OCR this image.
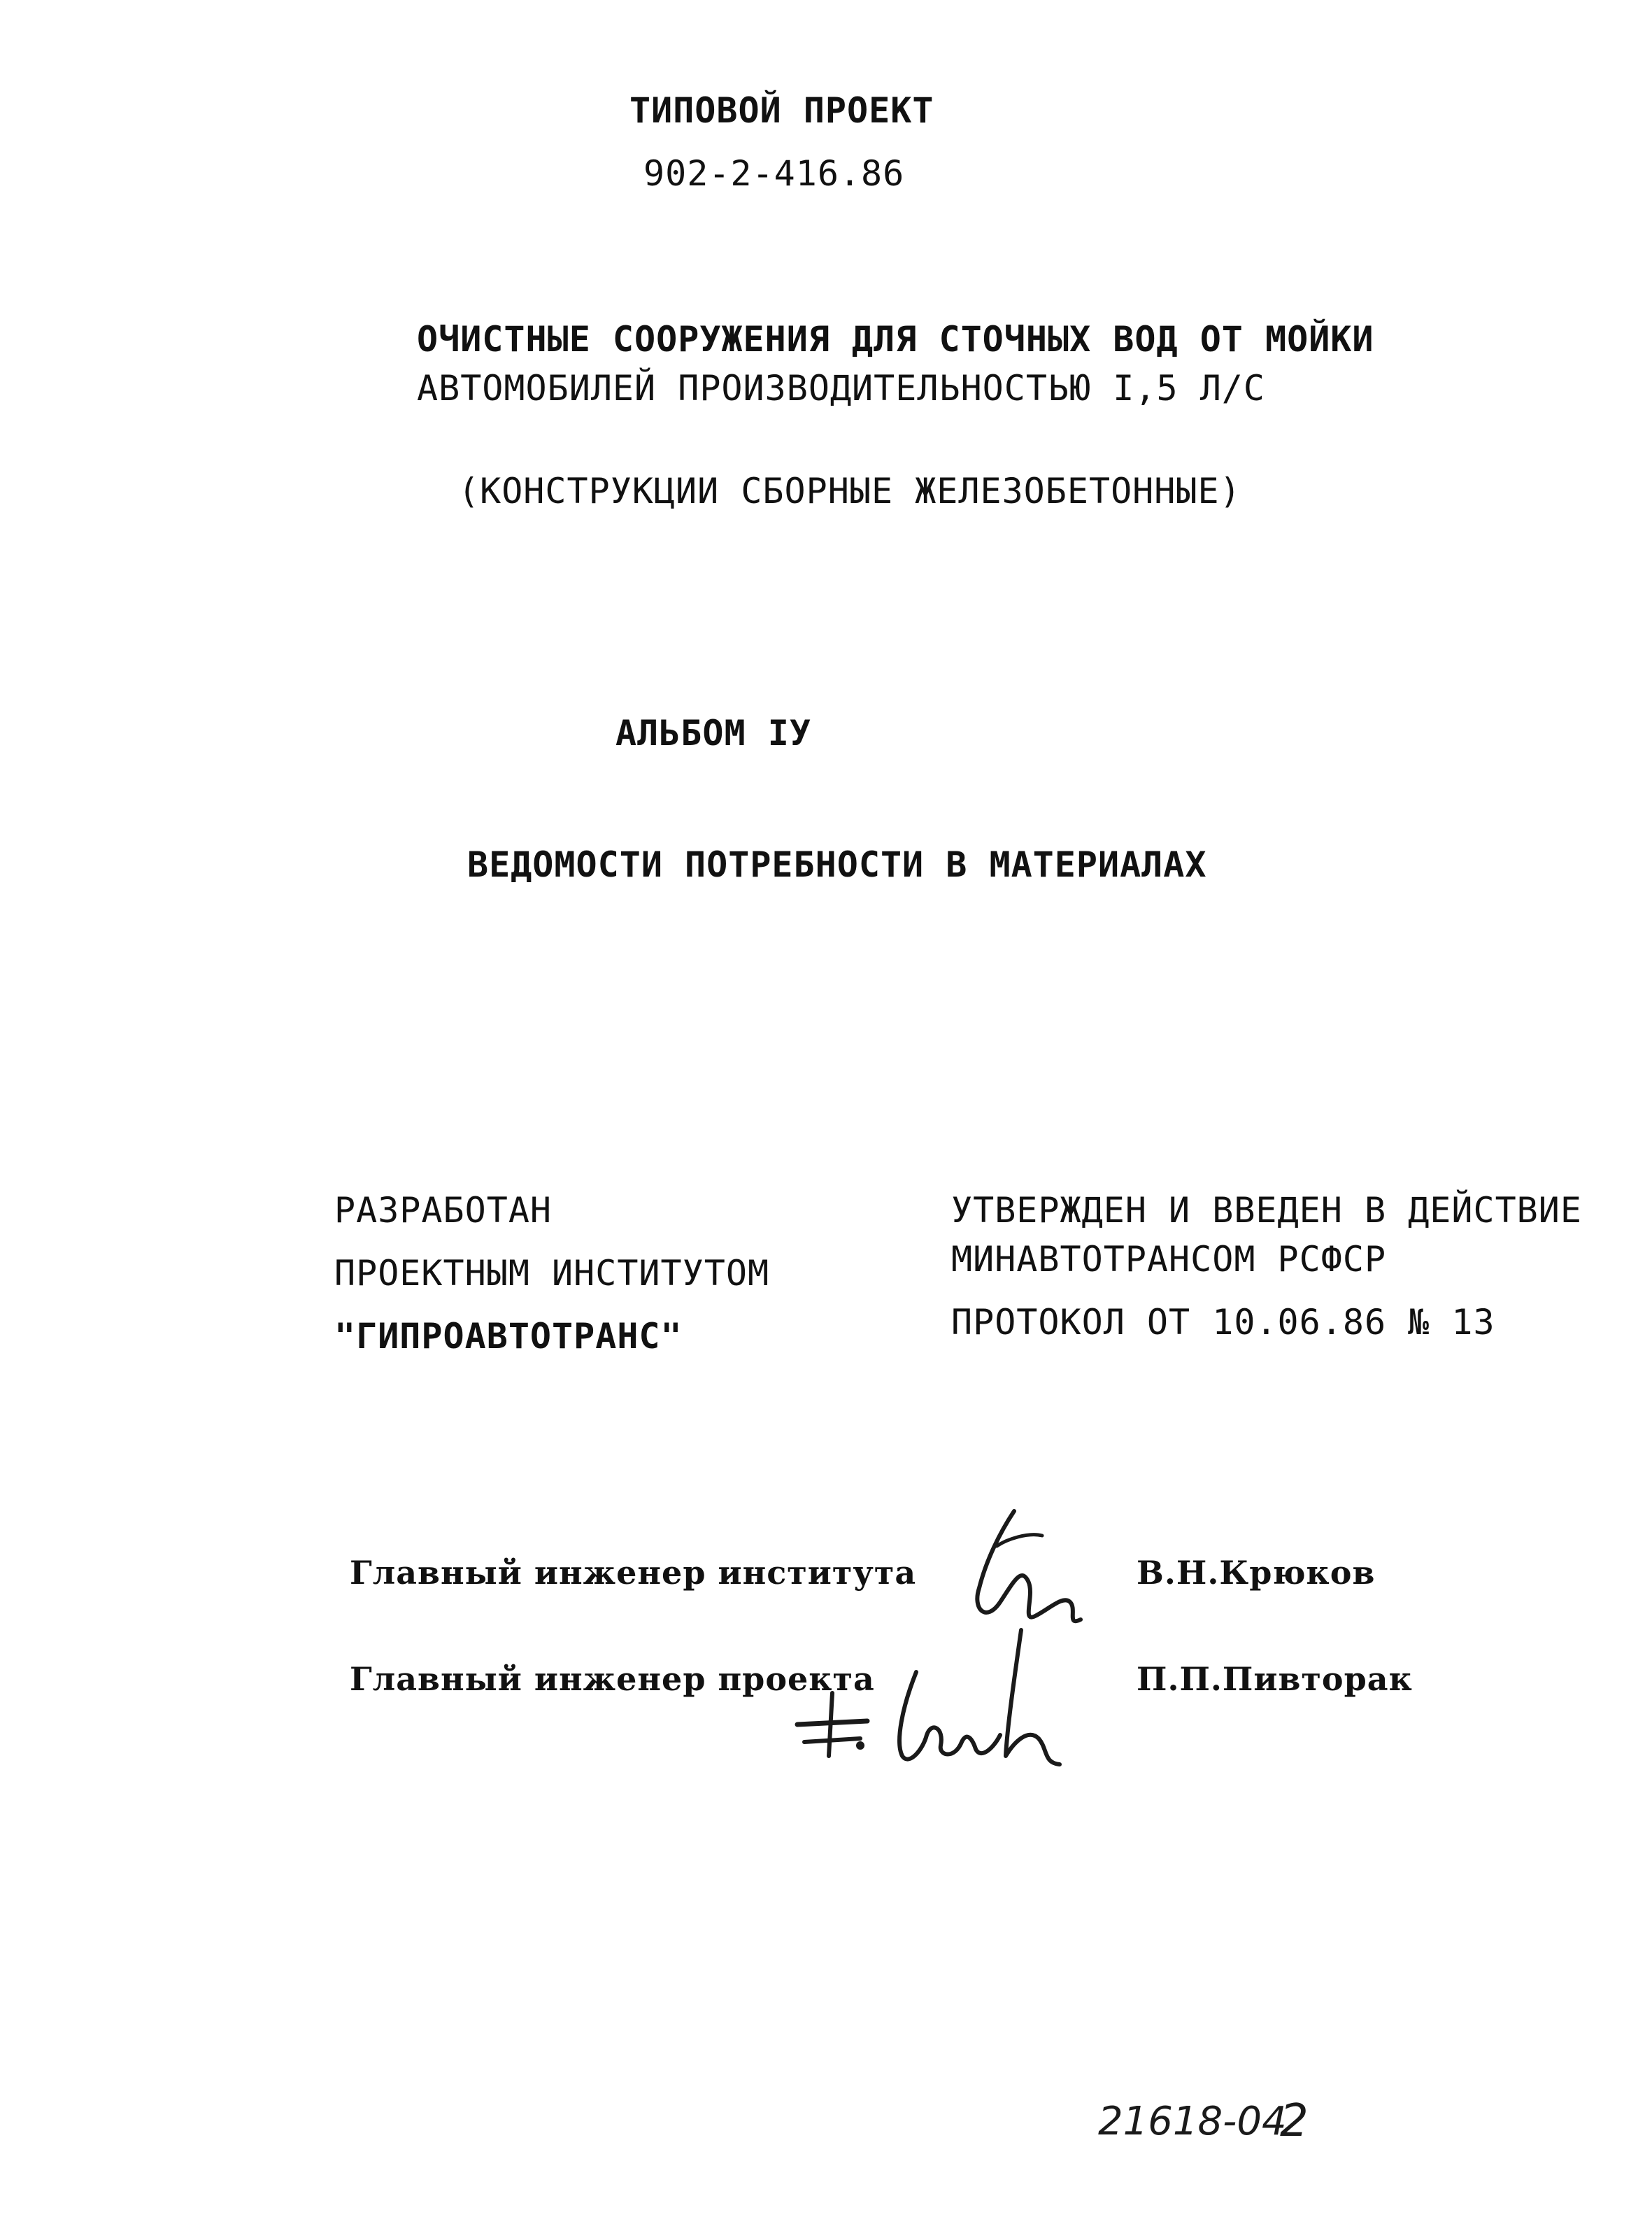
ТИПОВОЙ ПРОЕКТ
902-2-416.86
ОЧИСТНЫЕ СООРУЖЕНИЯ ДЛЯ СТОЧНЫХ ВОД ОТ МОЙКИ
АВТОМОБИЛЕЙ ПРОИЗВОДИТЕЛЬНОСТЬЮ I,5 Л/С
(КОНСТРУКЦИИ СБОРНЫЕ ЖЕЛЕЗОБЕТОННЫЕ)
АЛЬБОМ IУ
ВЕДОМОСТИ ПОТРЕБНОСТИ В МАТЕРИАЛАХ
РАЗРАБОТАН
ПРОЕКТНЫМ ИНСТИТУТОМ
"ГИПРОАВТОТРАНС"
УТВЕРЖДЕН И ВВЕДЕН В ДЕЙСТВИЕ
МИНАВТОТРАНСОМ РСФСР
ПРОТОКОЛ ОТ 10.06.86 № 13
Главный инженер института	В.Н.Крюков
Главный инженер проекта	П.П.Пивторак
21618-04
2
